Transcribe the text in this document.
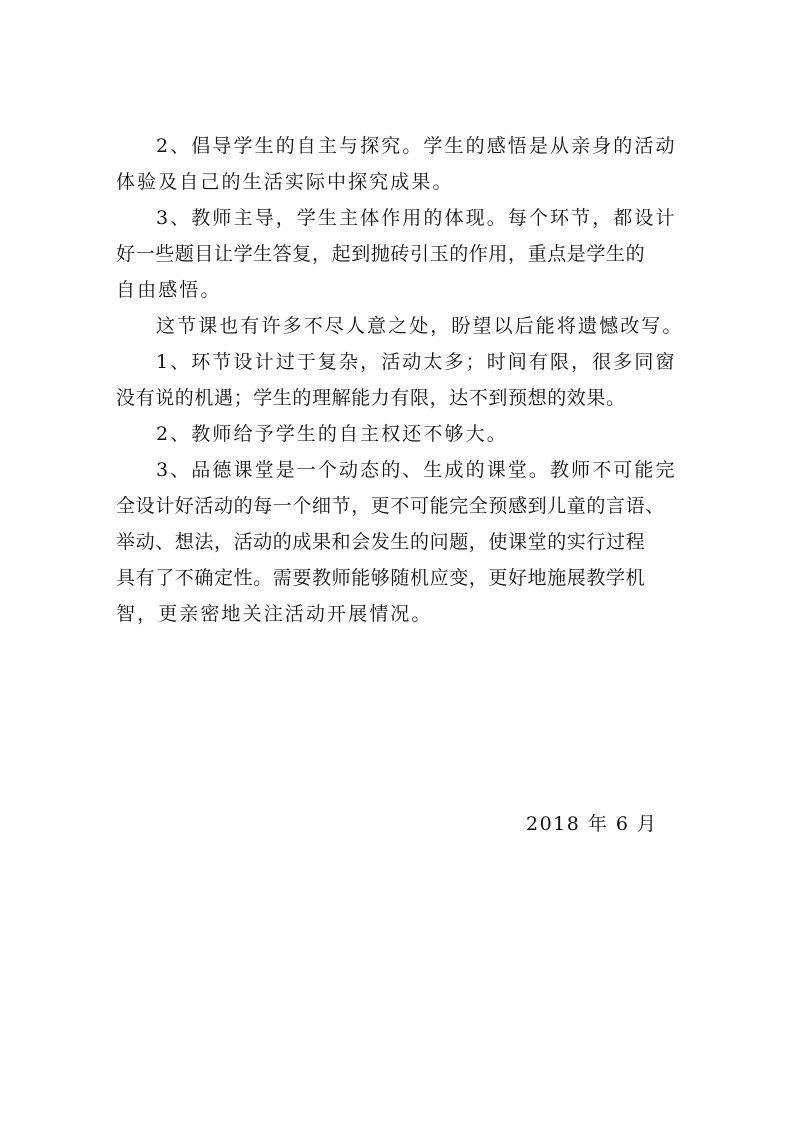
2、倡导学生的自主与探究。学生的感悟是从亲身的活动

体验及自己的生活实际中探究成果。

3、教师主导，学生主体作用的体现。每个环节，都设计

好一些题目让学生答复，起到抛砖引玉的作用，重点是学生的

自由感悟。

这节课也有许多不尽人意之处，盼望以后能将遗憾改写。

1、环节设计过于复杂，活动太多；时间有限，很多同窗

没有说的机遇；学生的理解能力有限，达不到预想的效果。

2、教师给予学生的自主权还不够大。

3、品德课堂是一个动态的、生成的课堂。教师不可能完

全设计好活动的每一个细节，更不可能完全预感到儿童的言语、

举动、想法，活动的成果和会发生的问题，使课堂的实行过程

具有了不确定性。需要教师能够随机应变，更好地施展教学机

智，更亲密地关注活动开展情况。

2018 年 6 月
